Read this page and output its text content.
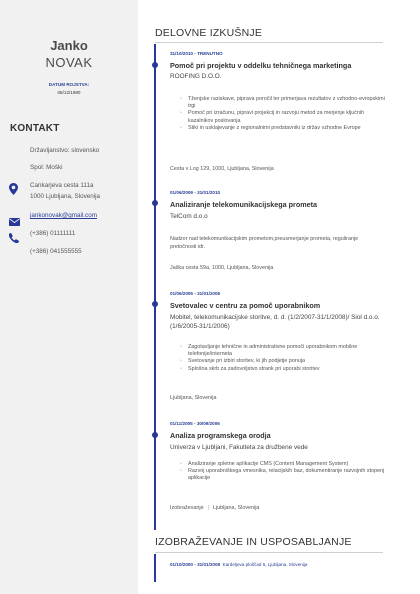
Janko
NOVAK
DATUM ROJSTVA:
08/12/1980
KONTAKT
Državljanstvo: slovensko
Spol: Moški
Cankarjeva cesta 111a
1000 Ljubljana, Slovenija
jankonovak@gmail.com
(+386) 01111111
(+386) 041555555
DELOVNE IZKUŠNJE
31/10/2010 - TRENUTNO
Pomoč pri projektu v oddelku tehničnega marketinga
ROOFING D.O.O.
◦ Tženjske raziskave, piprava poročil ter primerjava rezultatov z vzhodno-evropskimi trgi
◦ Pomoč pri izračunu, pipravi projekcij in razvoju metod za merjenje ključnih kazalnikov poslovanja
◦ Stiki in usklajevanje z regionalnimi predstavniki iz držav vzhodne Evrope
Cesta v Log 129, 1000, Ljubljana, Slovenija
01/06/2009 - 31/01/2010
Analiziranje telekomunikacijskega prometa
TelCom d.o.o
Nadzor nad telekomunikacijskim prometom,preusmerjanje prometa, reguliranje pretočnosti idr.
Jaška cesta 59a, 1000, Ljubljana, Slovenija
01/06/2005 - 31/01/2006
Svetovalec v centru za pomoč uporabnikom
Mobitel, telekomunikacijske storitve, d. d. (1/2/2007-31/1/2008)/ Siol d.o.o. (1/6/2005-31/1/2006)
◦ Zagotavljanje tehnične in administrativne pomoči uporabnikom mobilne telefonije/interneta
◦ Svetovanje pri izbiri storitev, ki jih podjetje ponuja
◦ Splošna skrb za zadovoljstvo strank pri uporabi storitev
Ljubljana, Slovenija
01/11/2005 - 30/09/2006
Analiza programskega orodja
Univerza v Ljubljani, Fakulteta za družbene vede
◦ Analiziranje spletne aplikacije CMS (Content Management System)
◦ Razvoj uporabniškega vmesnika, relacijskih baz, dokumentiranje razvojnih stopenj aplikacije
Izobraževanje | Ljubljana, Slovenija
IZOBRAŽEVANJE IN USPOSABLJANJE
01/10/2000 - 31/01/2008 Kardeljeva ploščad 5, Ljubljana, Slovenija
